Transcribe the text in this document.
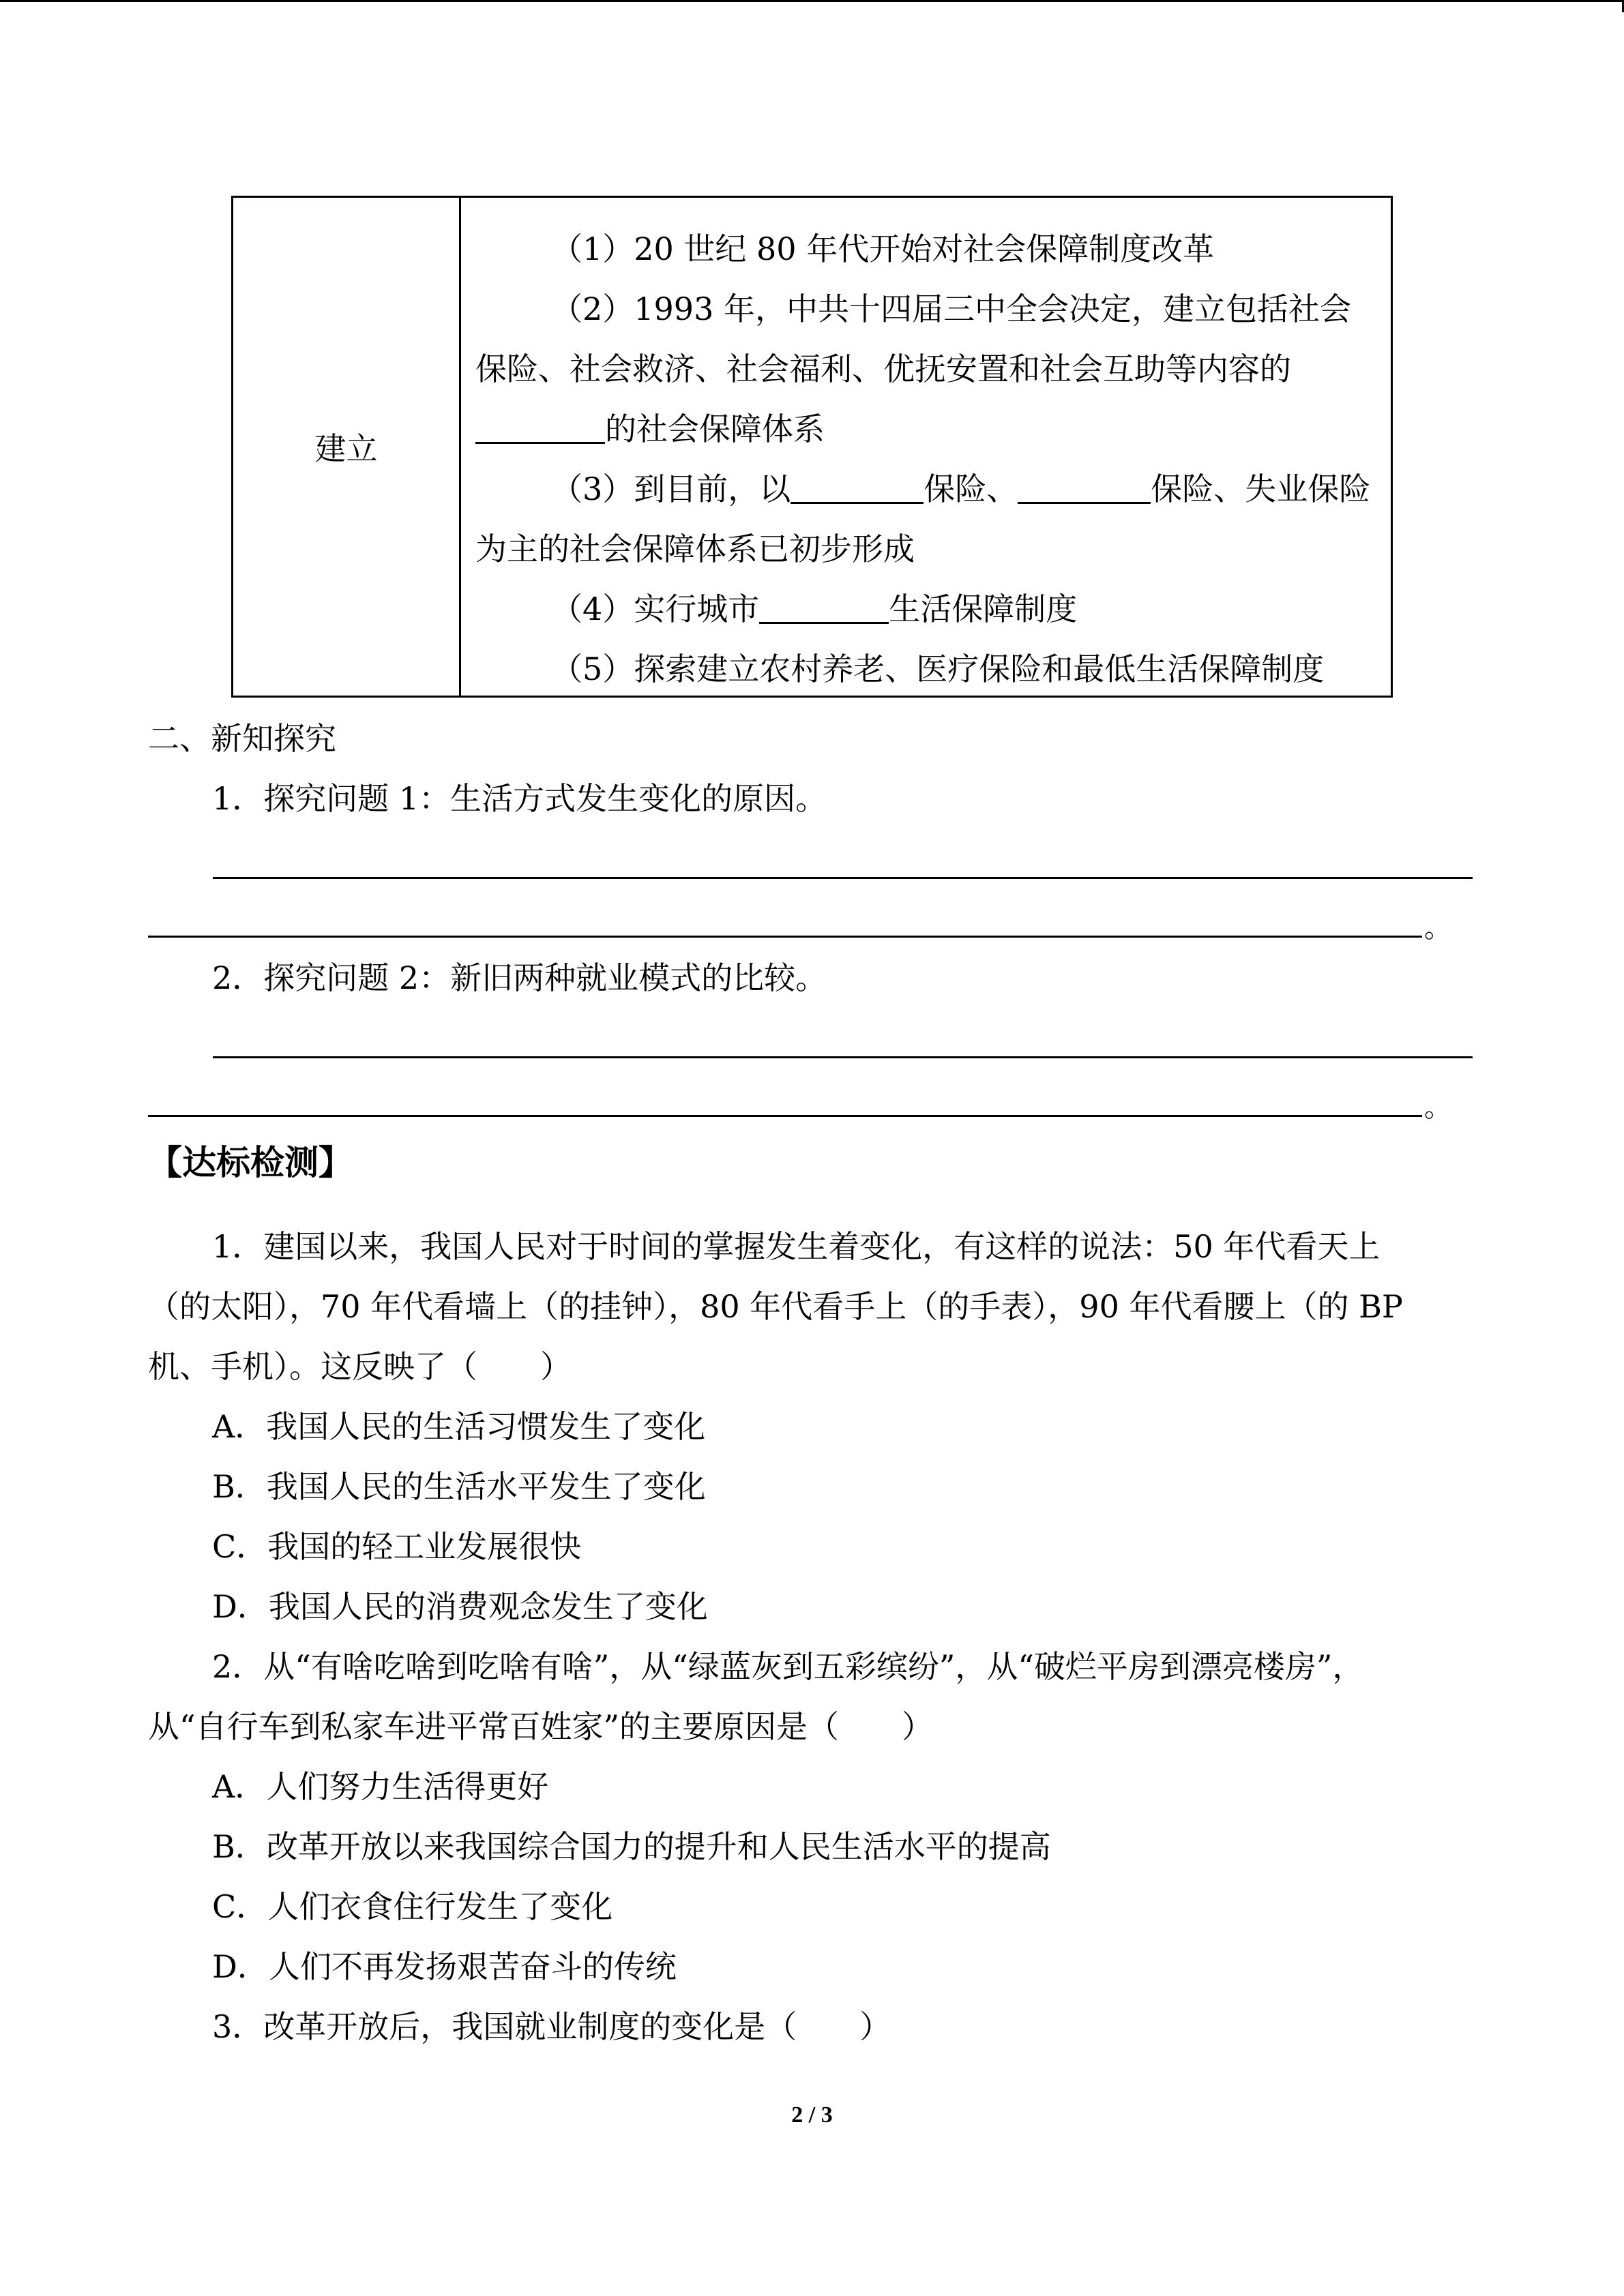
建立
（1）20 世纪 80 年代开始对社会保障制度改革
（2）1993 年，中共十四届三中全会决定，建立包括社会
保险、社会救济、社会福利、优抚安置和社会互助等内容的
的社会保障体系
（3）到目前，以	保险、	保险、失业保险
为主的社会保障体系已初步形成
（4）实行城市	生活保障制度
（5）探索建立农村养老、医疗保险和最低生活保障制度
二、新知探究
1．探究问题 1：生活方式发生变化的原因。
。
2．探究问题 2：新旧两种就业模式的比较。
。
【达标检测】
1．建国以来，我国人民对于时间的掌握发生着变化，有这样的说法：50 年代看天上
（的太阳），70 年代看墙上（的挂钟），80 年代看手上（的手表），90 年代看腰上（的 BP
机、手机）。这反映了（　　）
A．我国人民的生活习惯发生了变化
B．我国人民的生活水平发生了变化
C．我国的轻工业发展很快
D．我国人民的消费观念发生了变化
2．从“有啥吃啥到吃啥有啥”，从“绿蓝灰到五彩缤纷”，从“破烂平房到漂亮楼房”，
从“自行车到私家车进平常百姓家”的主要原因是（　　）
A．人们努力生活得更好
B．改革开放以来我国综合国力的提升和人民生活水平的提高
C．人们衣食住行发生了变化
D．人们不再发扬艰苦奋斗的传统
3．改革开放后，我国就业制度的变化是（　　）
2 / 3
